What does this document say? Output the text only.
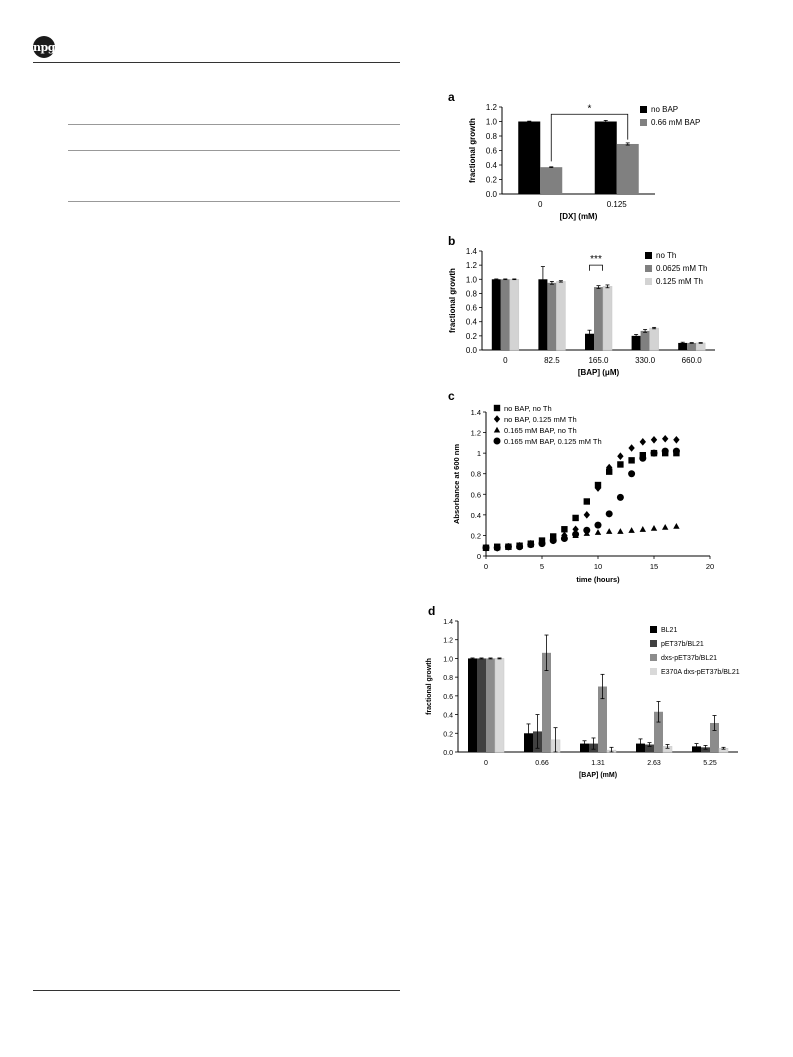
npg
a
0.0
0.2
0.4
0.6
0.8
1.0
1.2
0	0.125
[DX] (mM)
fractional growth
no BAP
0.66 mM BAP
*
b
0.0
0.2
0.4
0.6
0.8
1.0
1.2
1.4
0	82.5	165.0	330.0	660.0
[BAP] (μM)
fractional growth
no Th
0.0625 mM Th
0.125 mM Th
***
c
0
0.2
0.4
0.6
0.8
1
1.2
1.4
0	5	10	15	20
time (hours)
Absorbance at 600 nm
no BAP, no Th
no BAP, 0.125 mM Th
0.165 mM BAP, no Th
0.165 mM BAP, 0.125 mM Th
d
0.0
0.2
0.4
0.6
0.8
1.0
1.2
1.4
0	0.66	1.31	2.63	5.25
[BAP] (mM)
fractional growth
BL21
pET37b/BL21
dxs-pET37b/BL21
E370A dxs-pET37b/BL21
